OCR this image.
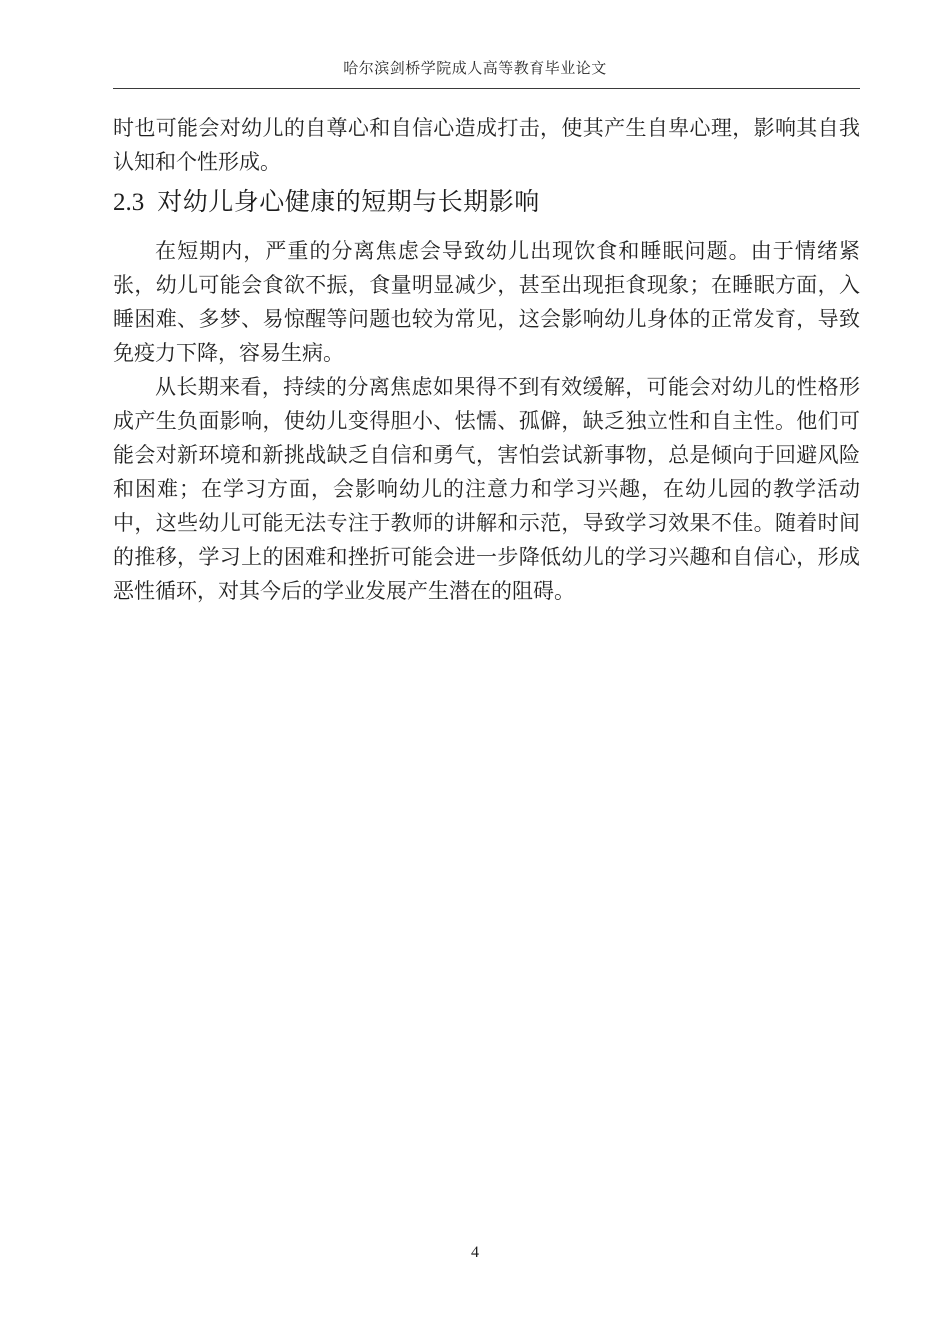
哈尔滨剑桥学院成人高等教育毕业论文

时也可能会对幼儿的自尊心和自信心造成打击，使其产生自卑心理，影响其自我认知和个性形成。

2.3 对幼儿身心健康的短期与长期影响

在短期内，严重的分离焦虑会导致幼儿出现饮食和睡眠问题。由于情绪紧张，幼儿可能会食欲不振，食量明显减少，甚至出现拒食现象；在睡眠方面，入睡困难、多梦、易惊醒等问题也较为常见，这会影响幼儿身体的正常发育，导致免疫力下降，容易生病。

从长期来看，持续的分离焦虑如果得不到有效缓解，可能会对幼儿的性格形成产生负面影响，使幼儿变得胆小、怯懦、孤僻，缺乏独立性和自主性。他们可能会对新环境和新挑战缺乏自信和勇气，害怕尝试新事物，总是倾向于回避风险和困难；在学习方面，会影响幼儿的注意力和学习兴趣，在幼儿园的教学活动中，这些幼儿可能无法专注于教师的讲解和示范，导致学习效果不佳。随着时间的推移，学习上的困难和挫折可能会进一步降低幼儿的学习兴趣和自信心，形成恶性循环，对其今后的学业发展产生潜在的阻碍。

4
